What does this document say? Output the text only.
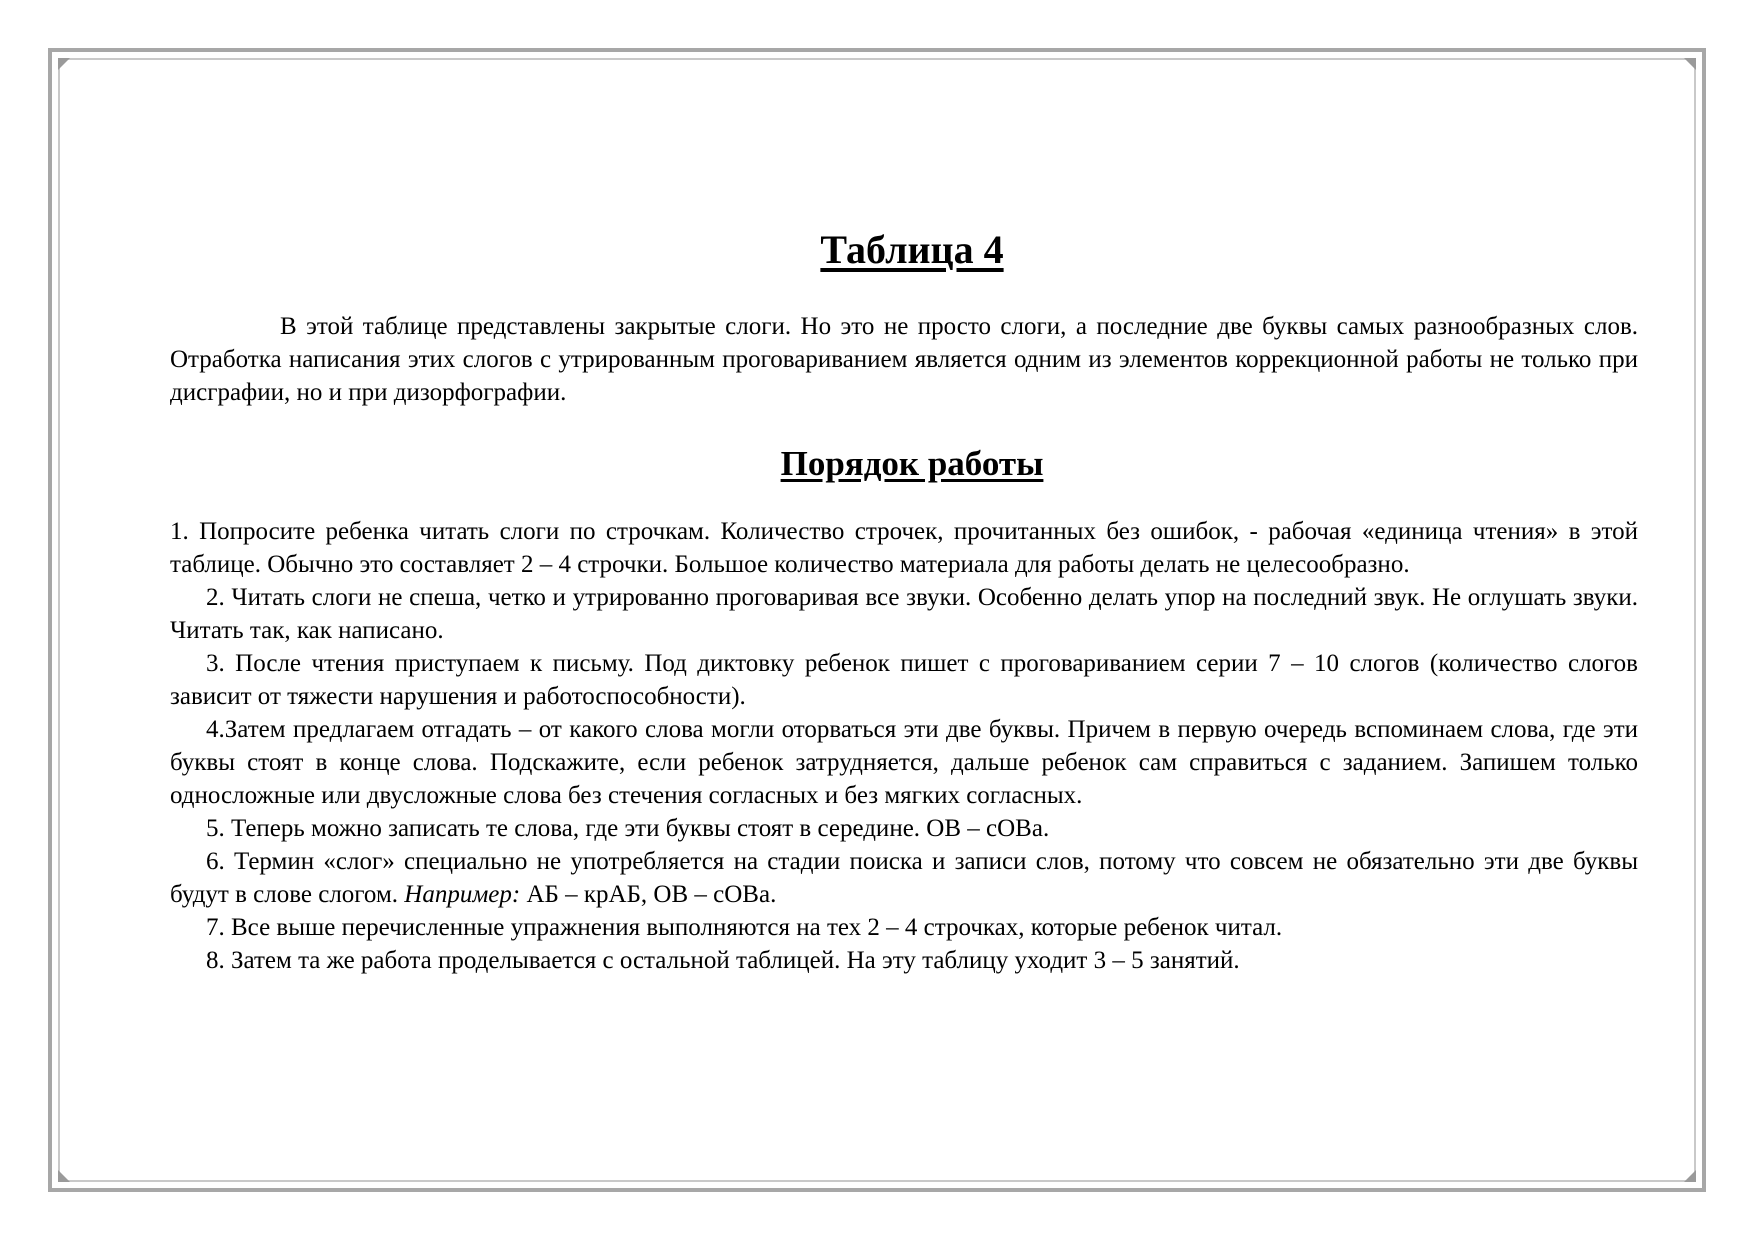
Таблица 4

В этой таблице представлены закрытые слоги. Но это не просто слоги, а последние две буквы самых разнообразных слов. Отработка написания этих слогов с утрированным проговариванием является одним из элементов коррекционной работы не только при дисграфии, но и при дизорфографии.

Порядок работы

1. Попросите ребенка читать слоги по строчкам. Количество строчек, прочитанных без ошибок, - рабочая «единица чтения» в этой таблице. Обычно это составляет 2 – 4 строчки. Большое количество материала для работы делать не целесообразно.

2. Читать слоги не спеша, четко и утрированно проговаривая все звуки. Особенно делать упор на последний звук. Не оглушать звуки. Читать так, как написано.

3. После чтения приступаем к письму. Под диктовку ребенок пишет с проговариванием серии 7 – 10 слогов (количество слогов зависит от тяжести нарушения и работоспособности).

4.Затем предлагаем отгадать – от какого слова могли оторваться эти две буквы. Причем в первую очередь вспоминаем слова, где эти буквы стоят в конце слова. Подскажите, если ребенок затрудняется, дальше ребенок сам справиться с заданием. Запишем только односложные или двусложные слова без стечения согласных и без мягких согласных.

5. Теперь можно записать те слова, где эти буквы стоят в середине. ОВ – сОВа.

6. Термин «слог» специально не употребляется на стадии поиска и записи слов, потому что совсем не обязательно эти две буквы будут в слове слогом. Например: АБ – крАБ, ОВ – сОВа.

7. Все выше перечисленные упражнения выполняются на тех 2 – 4 строчках, которые ребенок читал.

8. Затем та же работа проделывается с остальной таблицей. На эту таблицу уходит 3 – 5 занятий.
